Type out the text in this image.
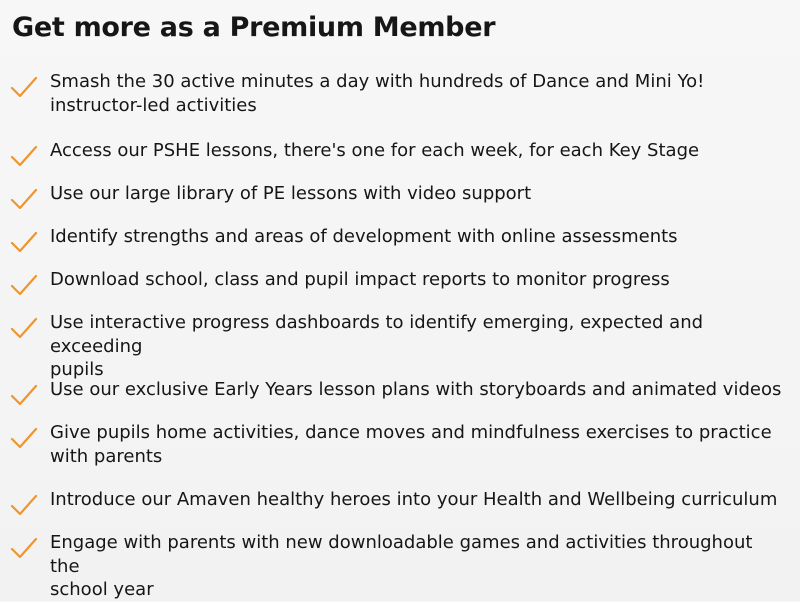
Get more as a Premium Member
Smash the 30 active minutes a day with hundreds of Dance and Mini Yo!
instructor-led activities
Access our PSHE lessons, there's one for each week, for each Key Stage
Use our large library of PE lessons with video support
Identify strengths and areas of development with online assessments
Download school, class and pupil impact reports to monitor progress
Use interactive progress dashboards to identify emerging, expected and exceeding
pupils
Use our exclusive Early Years lesson plans with storyboards and animated videos
Give pupils home activities, dance moves and mindfulness exercises to practice
with parents
Introduce our Amaven healthy heroes into your Health and Wellbeing curriculum
Engage with parents with new downloadable games and activities throughout the
school year
